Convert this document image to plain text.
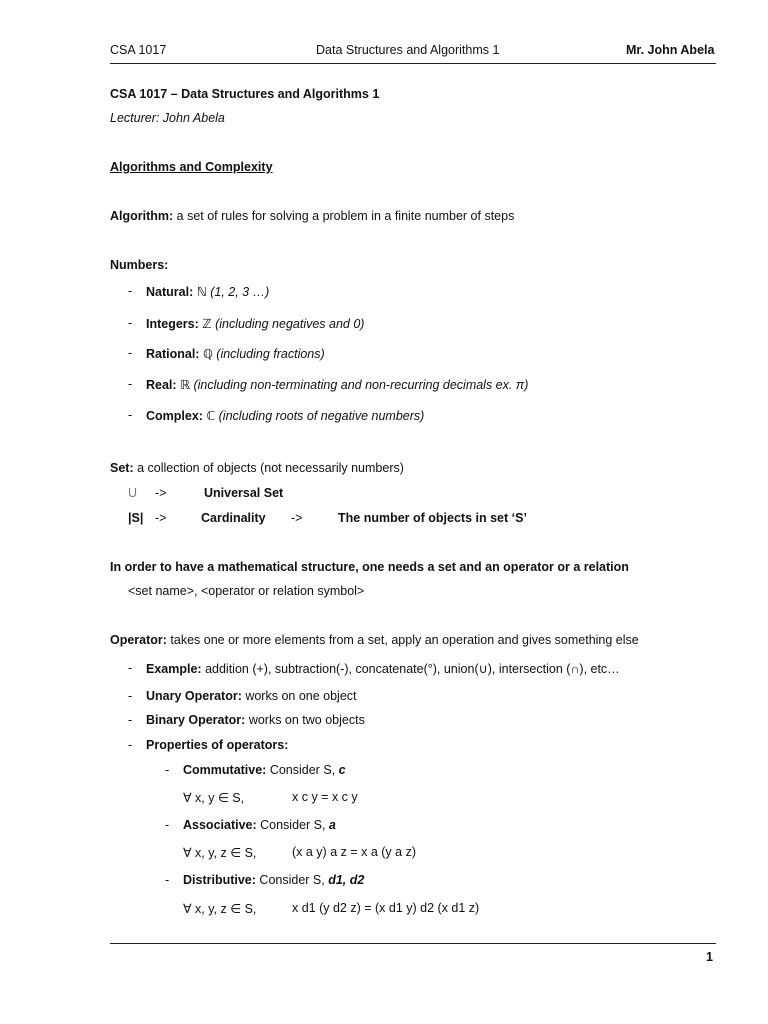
CSA 1017	Data Structures and Algorithms 1	Mr. John Abela
CSA 1017 – Data Structures and Algorithms 1
Lecturer: John Abela
Algorithms and Complexity
Algorithm: a set of rules for solving a problem in a finite number of steps
Numbers:
- Natural: ℕ (1, 2, 3 …)
- Integers: ℤ (including negatives and 0)
- Rational: ℚ (including fractions)
- Real: ℝ (including non-terminating and non-recurring decimals ex. π)
- Complex: ℂ (including roots of negative numbers)
Set: a collection of objects (not necessarily numbers)
U ->	Universal Set
|S| ->	Cardinality ->	The number of objects in set ‘S’
In order to have a mathematical structure, one needs a set and an operator or a relation
<set name>, <operator or relation symbol>
Operator: takes one or more elements from a set, apply an operation and gives something else
- Example: addition (+), subtraction(-), concatenate(°), union(∪), intersection (∩), etc…
- Unary Operator: works on one object
- Binary Operator: works on two objects
- Properties of operators:
- Commutative: Consider S, c
∀ x, y ∈ S,	x c y = x c y
- Associative: Consider S, a
∀ x, y, z ∈ S,	(x a y) a z = x a (y a z)
- Distributive: Consider S, d1, d2
∀ x, y, z ∈ S,	x d1 (y d2 z) = (x d1 y) d2 (x d1 z)
1
